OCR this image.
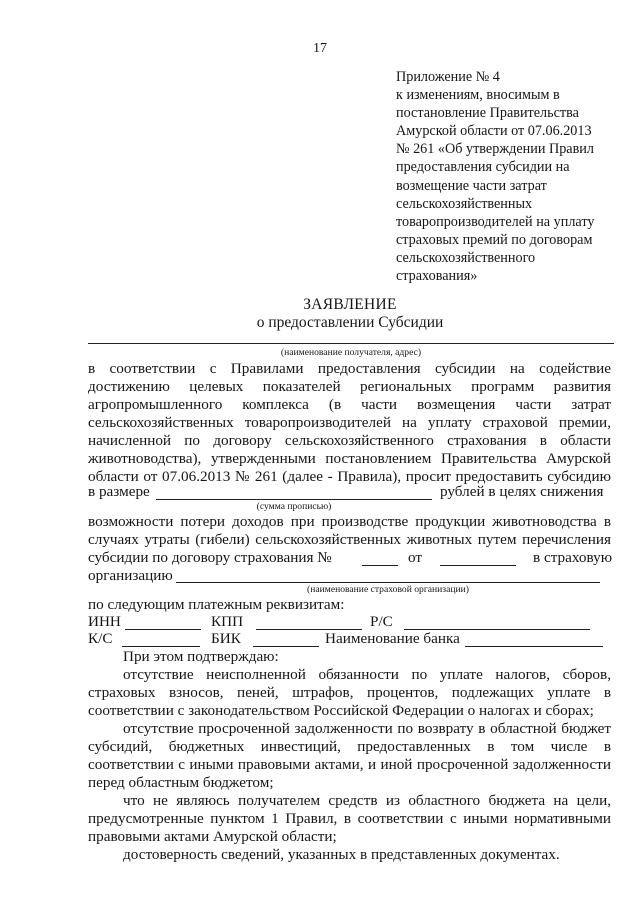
17
Приложение № 4
к изменениям, вносимым в
постановление Правительства
Амурской области от 07.06.2013
№ 261 «Об утверждении Правил
предоставления субсидии на
возмещение части затрат
сельскохозяйственных
товаропроизводителей на уплату
страховых премий по договорам
сельскохозяйственного
страхования»
ЗАЯВЛЕНИЕ
о предоставлении Субсидии
(наименование получателя, адрес)
в соответствии с Правилами предоставления субсидии на содействие
достижению целевых показателей региональных программ развития
агропромышленного комплекса (в части возмещения части затрат
сельскохозяйственных товаропроизводителей на уплату страховой премии,
начисленной по договору сельскохозяйственного страхования в области
животноводства), утвержденными постановлением Правительства Амурской
области от 07.06.2013 № 261 (далее - Правила), просит предоставить субсидию
в размере	рублей в целях снижения
(сумма прописью)
возможности потери доходов при производстве продукции животноводства в
случаях утраты (гибели) сельскохозяйственных животных путем перечисления
субсидии по договору страхования №	от	в страховую
организацию
(наименование страховой организации)
по следующим платежным реквизитам:
ИНН	КПП	Р/С
К/С	БИК	Наименование банка
При этом подтверждаю:
отсутствие неисполненной обязанности по уплате налогов, сборов,
страховых взносов, пеней, штрафов, процентов, подлежащих уплате в
соответствии с законодательством Российской Федерации о налогах и сборах;
отсутствие просроченной задолженности по возврату в областной бюджет
субсидий, бюджетных инвестиций, предоставленных в том числе в
соответствии с иными правовыми актами, и иной просроченной задолженности
перед областным бюджетом;
что не являюсь получателем средств из областного бюджета на цели,
предусмотренные пунктом 1 Правил, в соответствии с иными нормативными
правовыми актами Амурской области;
достоверность сведений, указанных в представленных документах.
